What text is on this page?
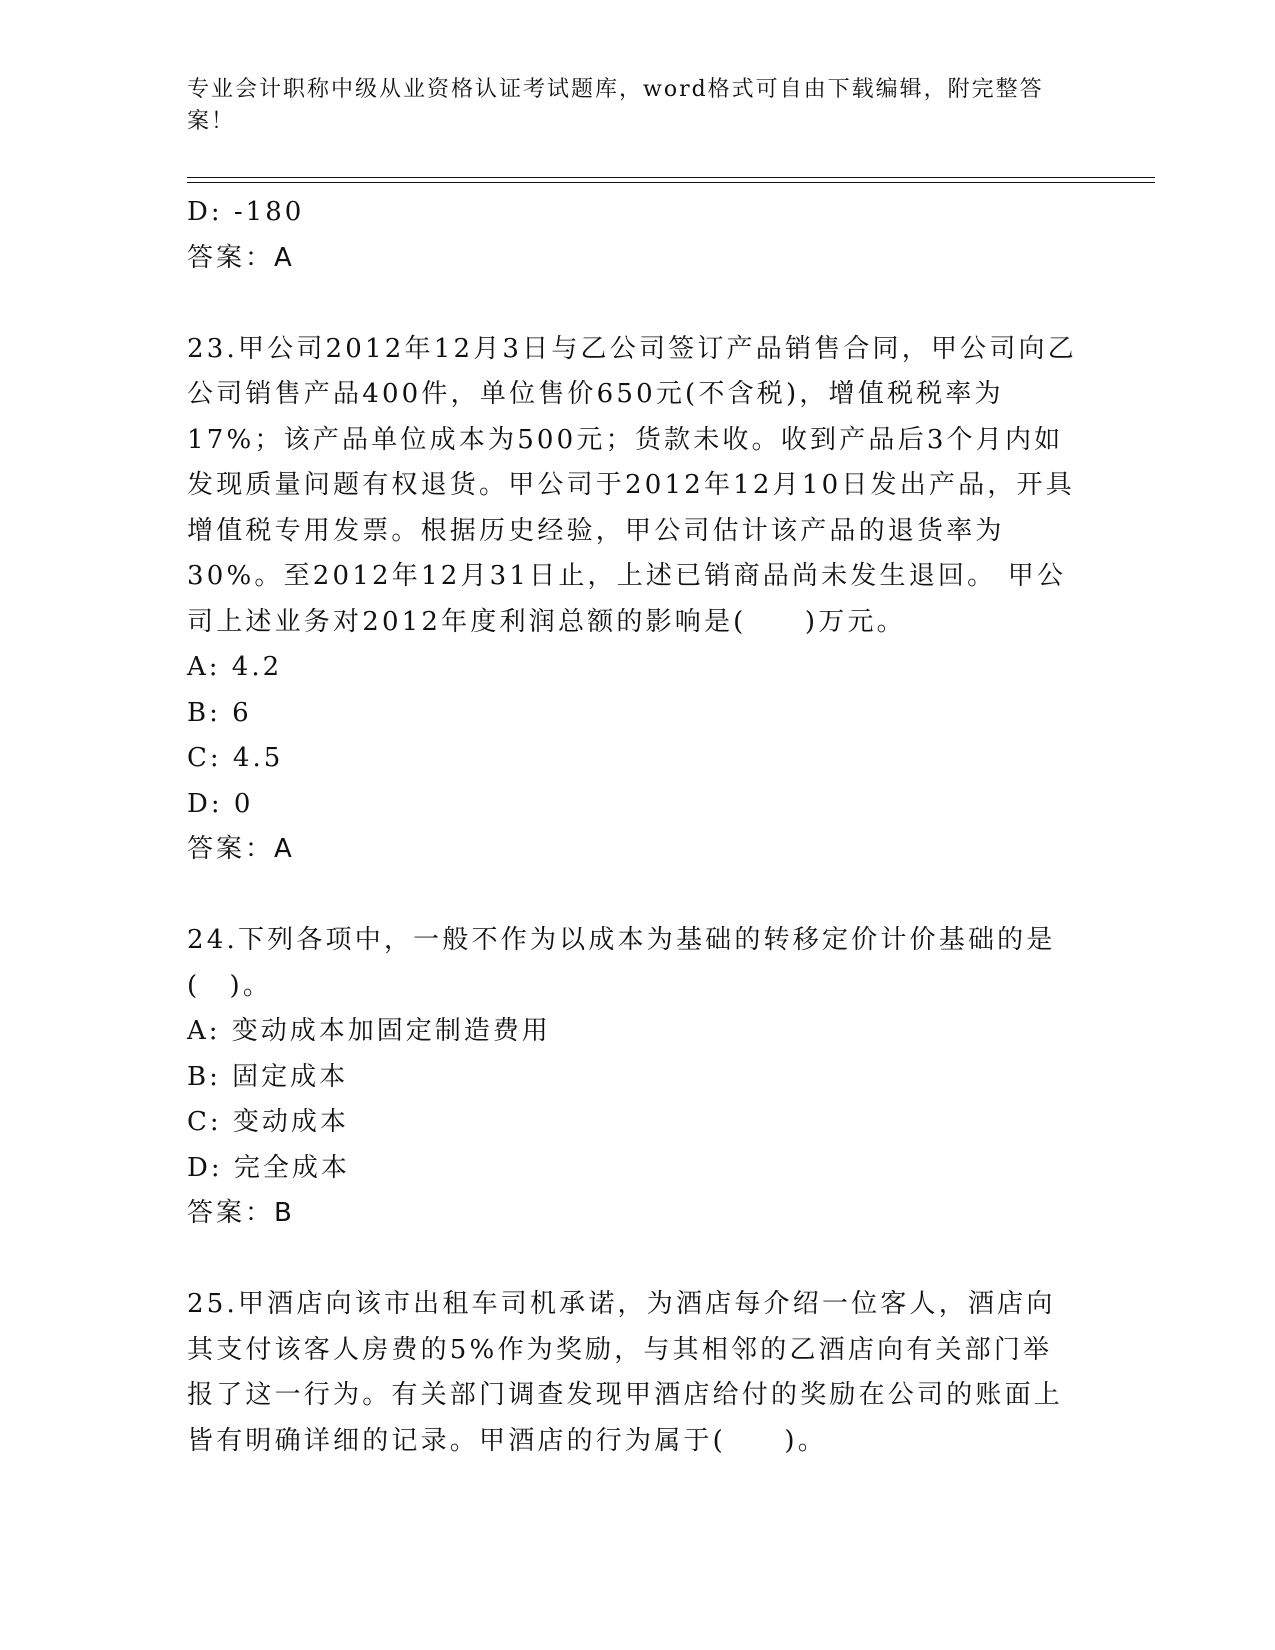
专业会计职称中级从业资格认证考试题库，word格式可自由下载编辑，附完整答案！
D: -180
答案：A
23.甲公司2012年12月3日与乙公司签订产品销售合同，甲公司向乙公司销售产品400件，单位售价650元(不含税)，增值税税率为17%；该产品单位成本为500元；货款未收。收到产品后3个月内如发现质量问题有权退货。甲公司于2012年12月10日发出产品，开具增值税专用发票。根据历史经验，甲公司估计该产品的退货率为30%。至2012年12月31日止，上述已销商品尚未发生退回。 甲公司上述业务对2012年度利润总额的影响是(　　)万元。
A: 4.2
B: 6
C: 4.5
D: 0
答案：A
24.下列各项中，一般不作为以成本为基础的转移定价计价基础的是(　)。
A: 变动成本加固定制造费用
B: 固定成本
C: 变动成本
D: 完全成本
答案：B
25.甲酒店向该市出租车司机承诺，为酒店每介绍一位客人，酒店向其支付该客人房费的5%作为奖励，与其相邻的乙酒店向有关部门举报了这一行为。有关部门调查发现甲酒店给付的奖励在公司的账面上皆有明确详细的记录。甲酒店的行为属于(　　)。
